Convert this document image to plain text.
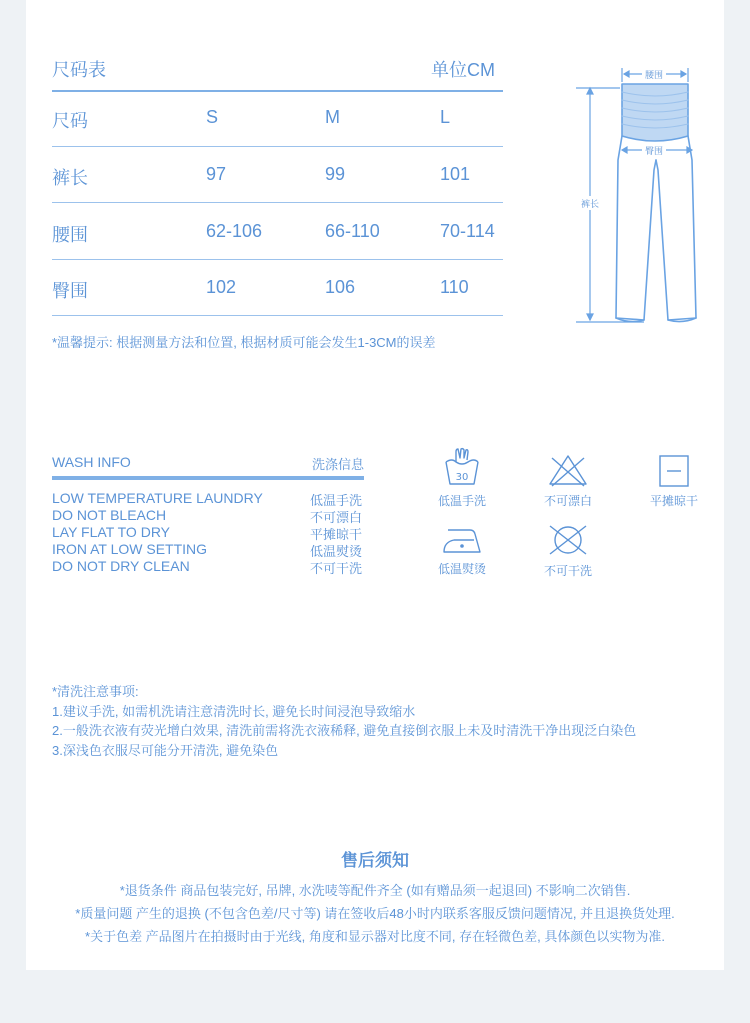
尺码表	单位CM
尺码	S	M	L
裤长	97	99	101
腰围	62-106	66-110	70-114
臀围	102	106	110
*温馨提示: 根据测量方法和位置, 根据材质可能会发生1-3CM的误差
腰围
臀围
裤长
WASH INFO	洗涤信息
LOW TEMPERATURE LAUNDRY	低温手洗
DO NOT BLEACH	不可漂白
LAY FLAT TO DRY	平摊晾干
IRON AT LOW SETTING	低温熨烫
DO NOT DRY CLEAN	不可干洗
30
低温手洗	不可漂白	平摊晾干
低温熨烫	不可干洗
*清洗注意事项:
1.建议手洗, 如需机洗请注意清洗时长, 避免长时间浸泡导致缩水
2.一般洗衣液有荧光增白效果, 清洗前需将洗衣液稀释, 避免直接倒衣服上未及时清洗干净出现泛白染色
3.深浅色衣服尽可能分开清洗, 避免染色
售后须知

*退货条件 商品包装完好, 吊牌, 水洗唛等配件齐全 (如有赠品须一起退回) 不影响二次销售.

*质量问题 产生的退换 (不包含色差/尺寸等) 请在签收后48小时内联系客服反馈问题情况, 并且退换货处理.

*关于色差 产品图片在拍摄时由于光线, 角度和显示器对比度不同, 存在轻微色差, 具体颜色以实物为准.
